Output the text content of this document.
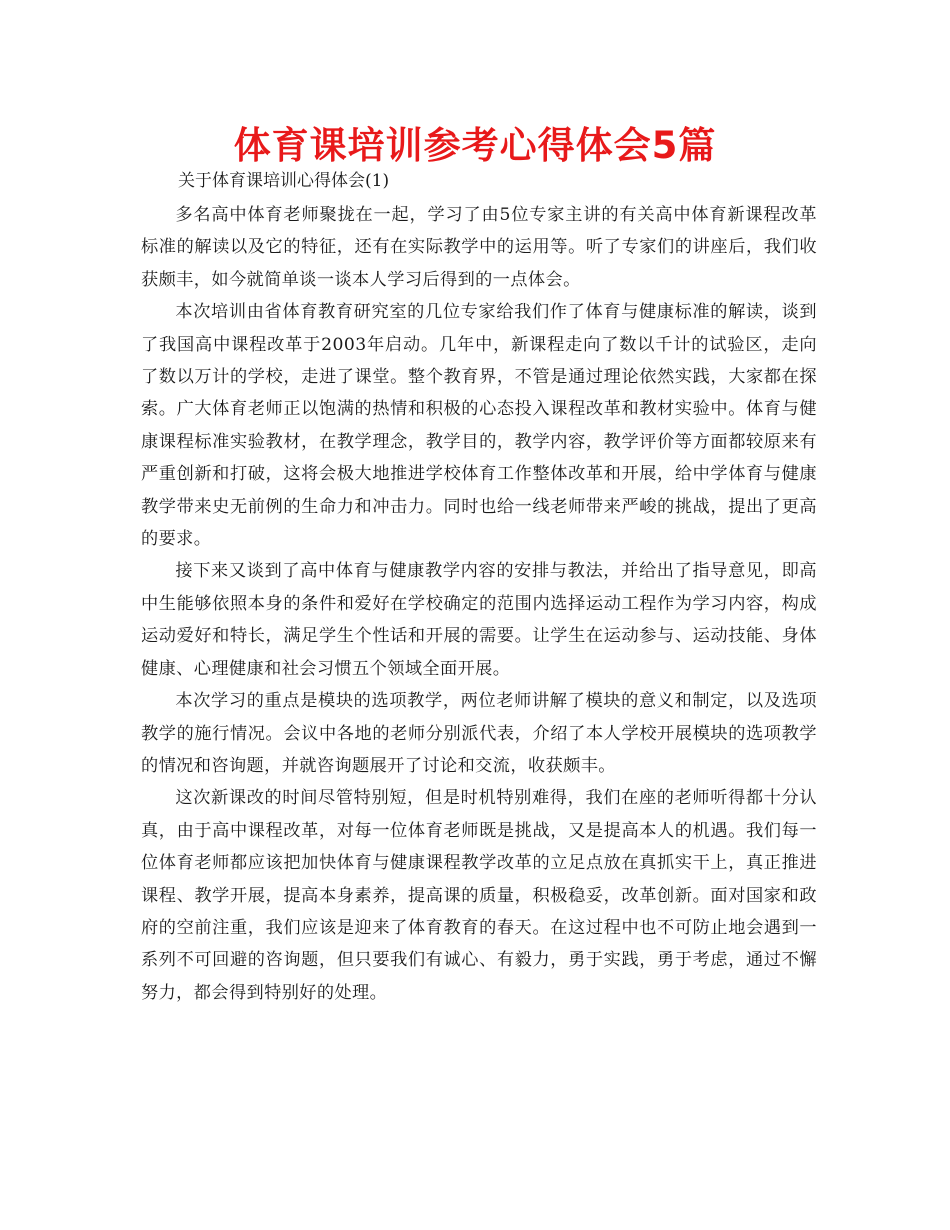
体育课培训参考心得体会5篇

关于体育课培训心得体会(1)

多名高中体育老师聚拢在一起，学习了由5位专家主讲的有关高中体育新课程改革标准的解读以及它的特征，还有在实际教学中的运用等。听了专家们的讲座后，我们收获颇丰，如今就简单谈一谈本人学习后得到的一点体会。

本次培训由省体育教育研究室的几位专家给我们作了体育与健康标准的解读，谈到了我国高中课程改革于2003年启动。几年中，新课程走向了数以千计的试验区，走向了数以万计的学校，走进了课堂。整个教育界，不管是通过理论依然实践，大家都在探索。广大体育老师正以饱满的热情和积极的心态投入课程改革和教材实验中。体育与健康课程标准实验教材，在教学理念，教学目的，教学内容，教学评价等方面都较原来有严重创新和打破，这将会极大地推进学校体育工作整体改革和开展，给中学体育与健康教学带来史无前例的生命力和冲击力。同时也给一线老师带来严峻的挑战，提出了更高的要求。

接下来又谈到了高中体育与健康教学内容的安排与教法，并给出了指导意见，即高中生能够依照本身的条件和爱好在学校确定的范围内选择运动工程作为学习内容，构成运动爱好和特长，满足学生个性话和开展的需要。让学生在运动参与、运动技能、身体健康、心理健康和社会习惯五个领域全面开展。

本次学习的重点是模块的选项教学，两位老师讲解了模块的意义和制定，以及选项教学的施行情况。会议中各地的老师分别派代表，介绍了本人学校开展模块的选项教学的情况和咨询题，并就咨询题展开了讨论和交流，收获颇丰。

这次新课改的时间尽管特别短，但是时机特别难得，我们在座的老师听得都十分认真，由于高中课程改革，对每一位体育老师既是挑战，又是提高本人的机遇。我们每一位体育老师都应该把加快体育与健康课程教学改革的立足点放在真抓实干上，真正推进课程、教学开展，提高本身素养，提高课的质量，积极稳妥，改革创新。面对国家和政府的空前注重，我们应该是迎来了体育教育的春天。在这过程中也不可防止地会遇到一系列不可回避的咨询题，但只要我们有诚心、有毅力，勇于实践，勇于考虑，通过不懈努力，都会得到特别好的处理。
